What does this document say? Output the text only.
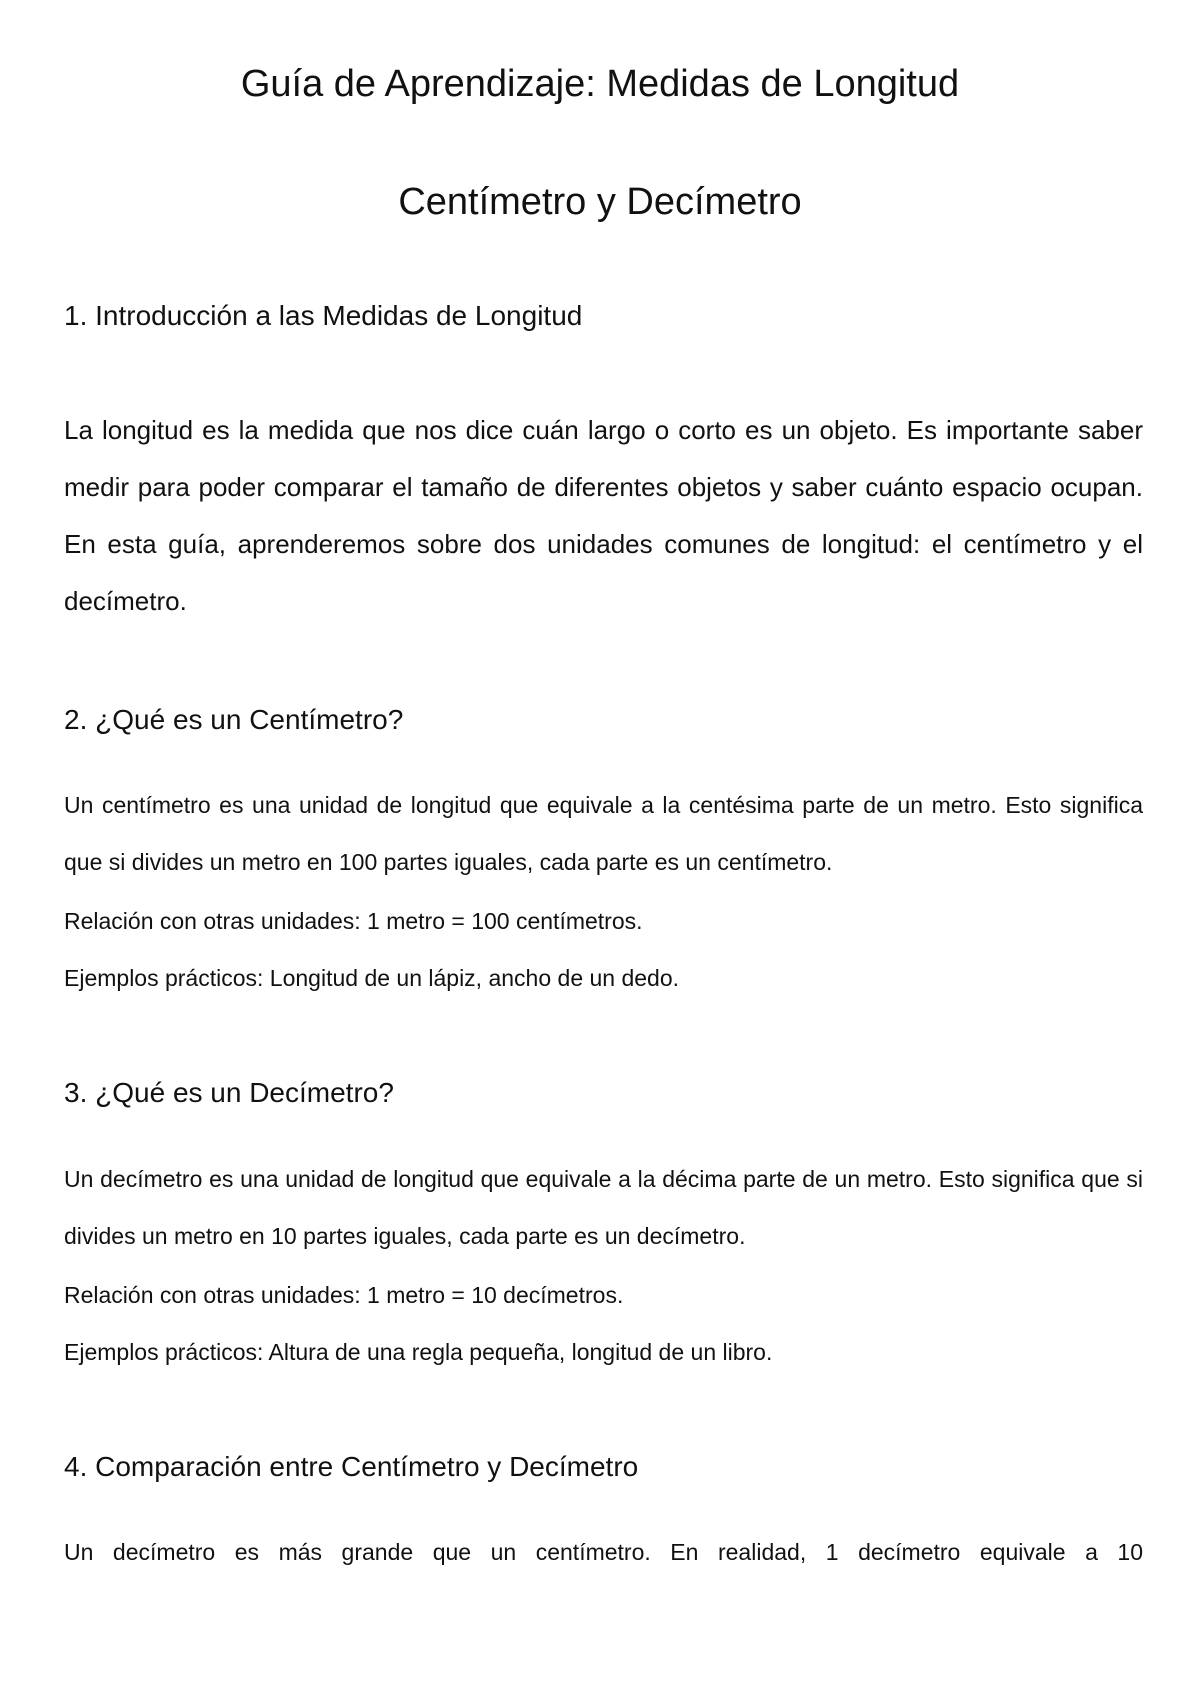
Guía de Aprendizaje: Medidas de Longitud
Centímetro y Decímetro
1. Introducción a las Medidas de Longitud

La longitud es la medida que nos dice cuán largo o corto es un objeto. Es importante saber medir para poder comparar el tamaño de diferentes objetos y saber cuánto espacio ocupan. En esta guía, aprenderemos sobre dos unidades comunes de longitud: el centímetro y el decímetro.

2. ¿Qué es un Centímetro?

Un centímetro es una unidad de longitud que equivale a la centésima parte de un metro. Esto significa que si divides un metro en 100 partes iguales, cada parte es un centímetro.

Relación con otras unidades: 1 metro = 100 centímetros.

Ejemplos prácticos: Longitud de un lápiz, ancho de un dedo.

3. ¿Qué es un Decímetro?

Un decímetro es una unidad de longitud que equivale a la décima parte de un metro. Esto significa que si divides un metro en 10 partes iguales, cada parte es un decímetro.

Relación con otras unidades: 1 metro = 10 decímetros.

Ejemplos prácticos: Altura de una regla pequeña, longitud de un libro.

4. Comparación entre Centímetro y Decímetro

Un decímetro es más grande que un centímetro. En realidad, 1 decímetro equivale a 10
